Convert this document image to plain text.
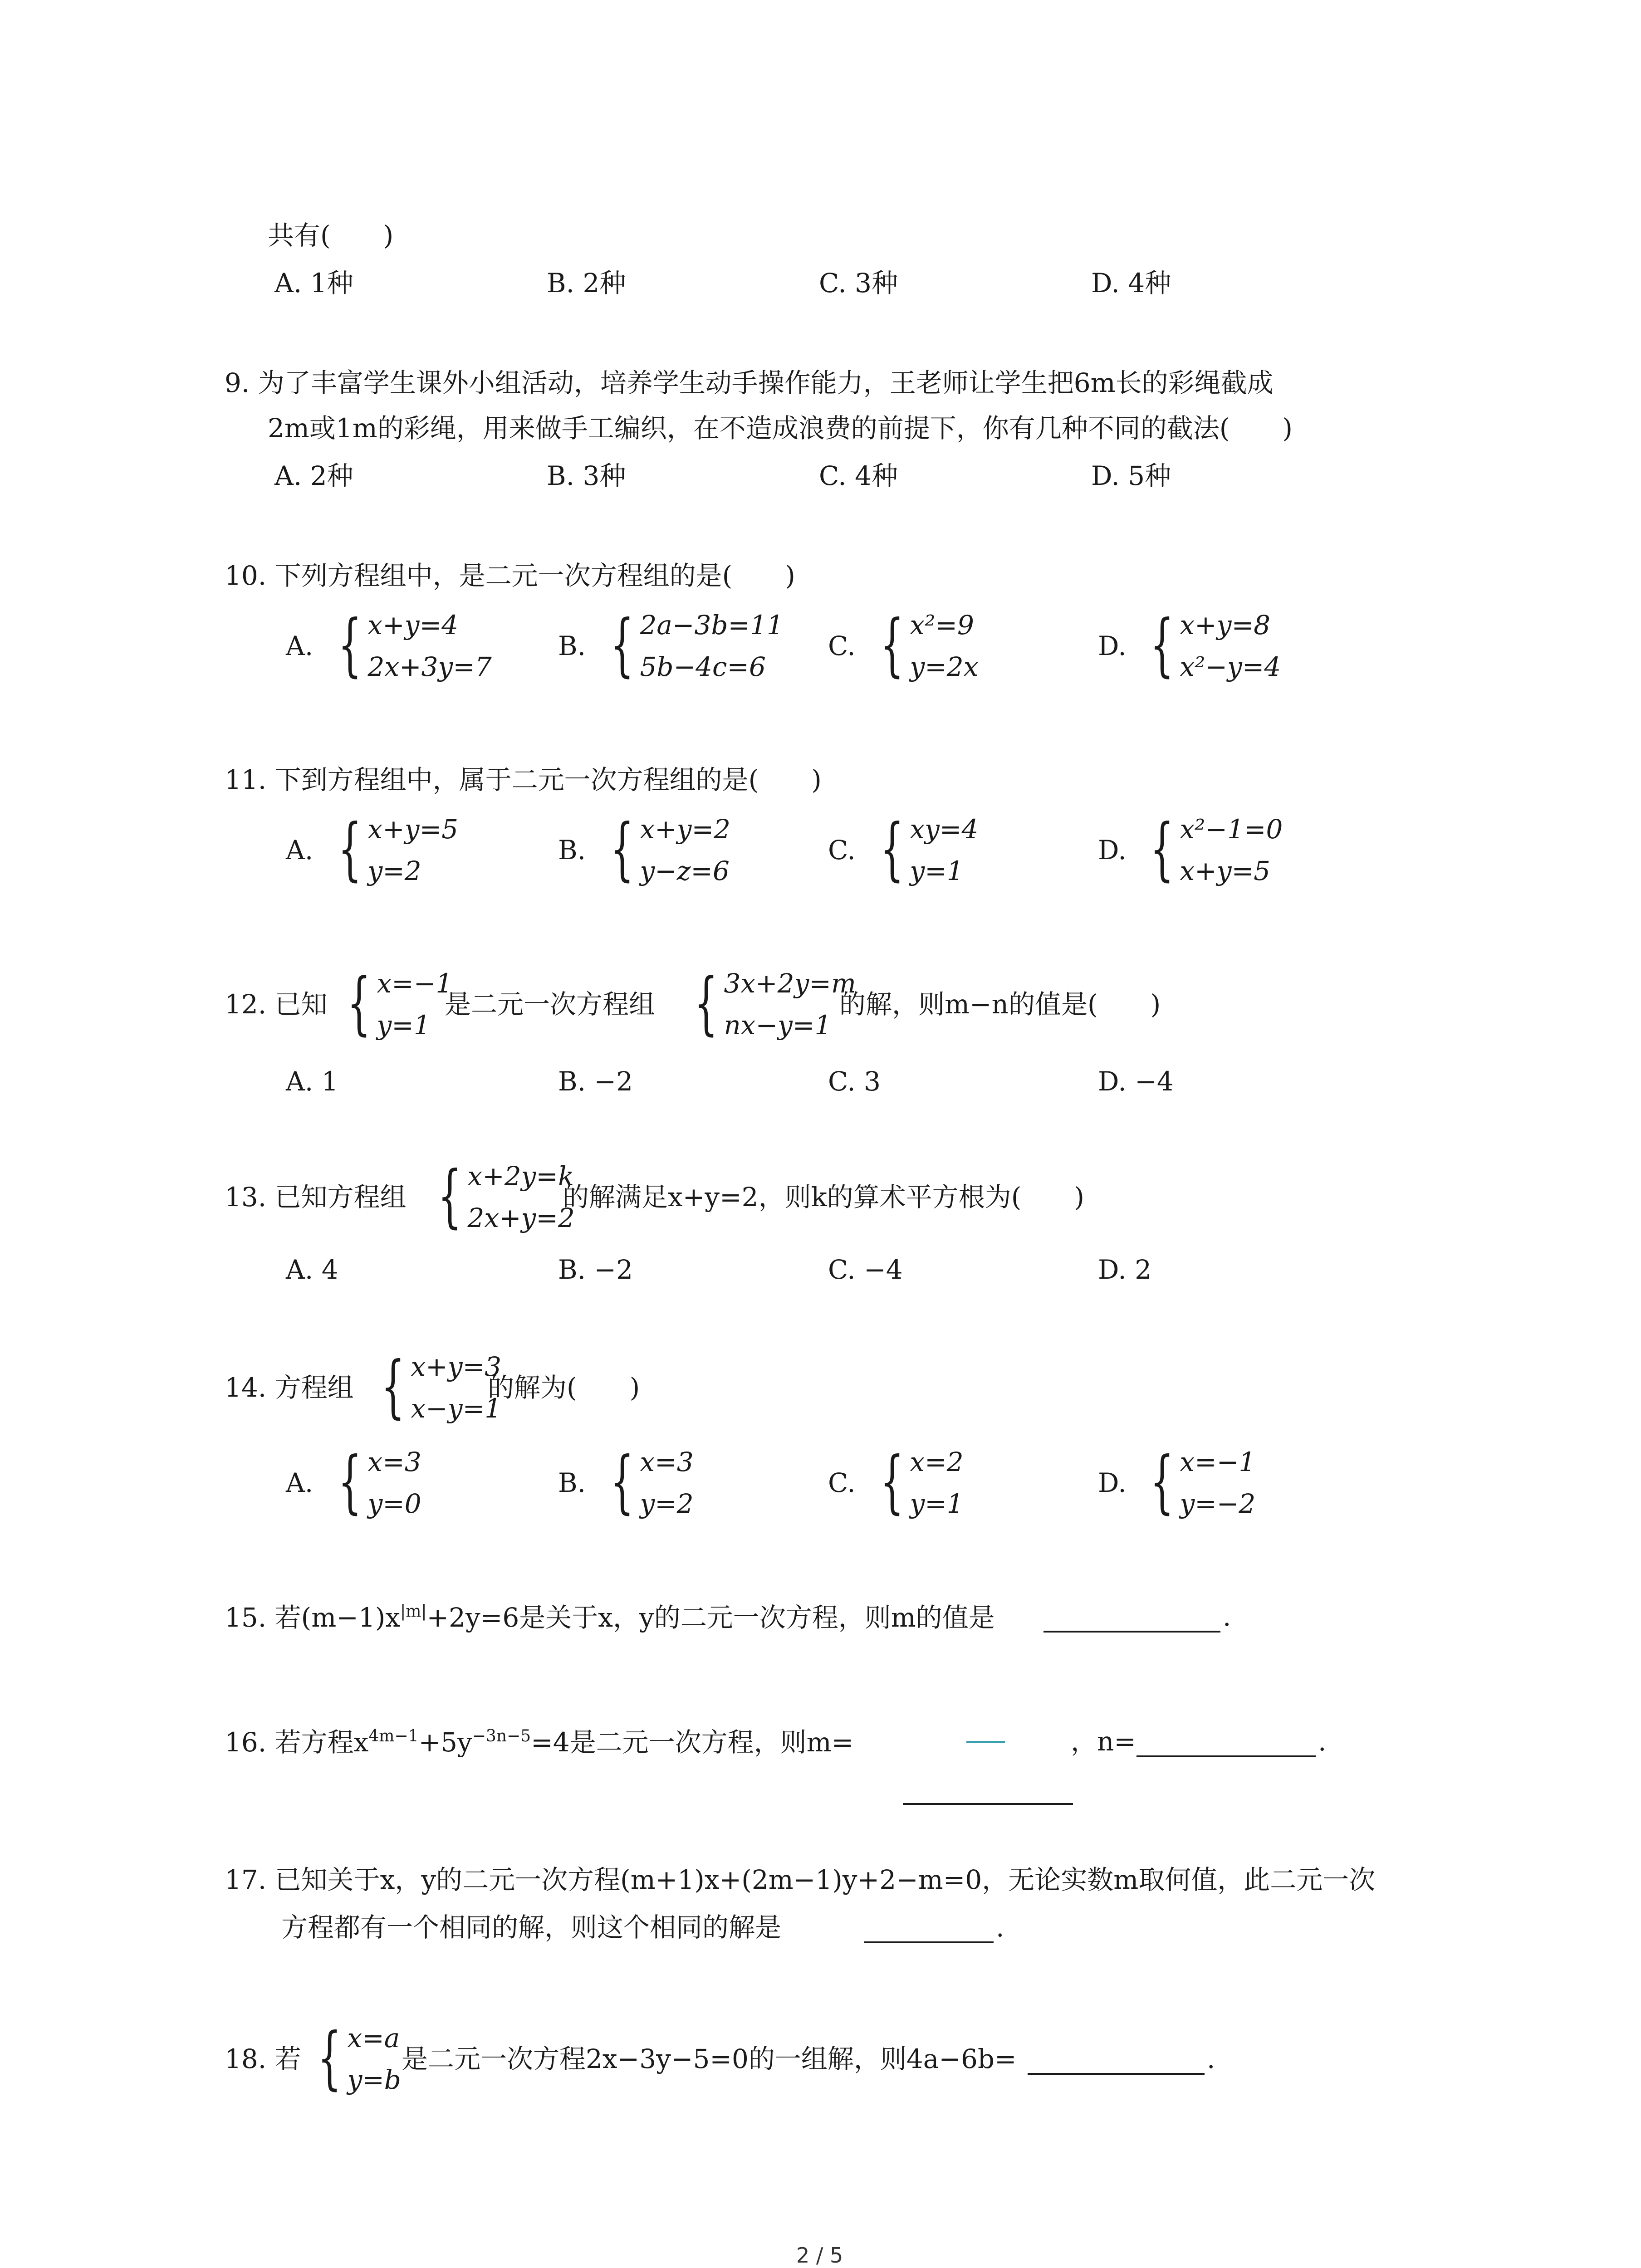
共有(　　)
A. 1种	B. 2种	C. 3种	D. 4种
9. 为了丰富学生课外小组活动，培养学生动手操作能力，王老师让学生把6m长的彩绳截成
2m或1m的彩绳，用来做手工编织，在不造成浪费的前提下，你有几种不同的截法(　　)
A. 2种	B. 3种	C. 4种	D. 5种
10. 下列方程组中，是二元一次方程组的是(　　)
A. { x+y=4
2x+3y=7
B. { 2a−3b=11
5b−4c=6
C. { x²=9
y=2x
D. { x+y=8
x²−y=4
11. 下到方程组中，属于二元一次方程组的是(　　)
A. { x+y=5
y=2
B. { x+y=2
y−z=6
C. { xy=4
y=1
D. { x²−1=0
x+y=5
12. 已知 { x=−1
y=1
是二元一次方程组 { 3x+2y=m
nx−y=1
的解，则m−n的值是(　　)
A. 1	B. −2	C. 3	D. −4
13. 已知方程组 { x+2y=k
2x+y=2
的解满足x+y=2，则k的算术平方根为(　　)
A. 4	B. −2	C. −4	D. 2
14. 方程组 { x+y=3
x−y=1
的解为(　　)
A. { x=3
y=0
B. { x=3
y=2
C. { x=2
y=1
D. { x=−1
y=−2
15. 若$(m-1)x^{|m|}+2y=6$是关于x，y的二元一次方程，则m的值是	.
16. 若方程$x^{4m-1}+5y^{-3n-5}=4$是二元一次方程，则m=	，n=	.
17. 已知关于x，y的二元一次方程(m+1)x+(2m−1)y+2−m=0，无论实数m取何值，此二元一次
方程都有一个相同的解，则这个相同的解是	.
18. 若 { x=a
y=b
是二元一次方程2x−3y−5=0的一组解，则4a−6b=	.
2 / 5
